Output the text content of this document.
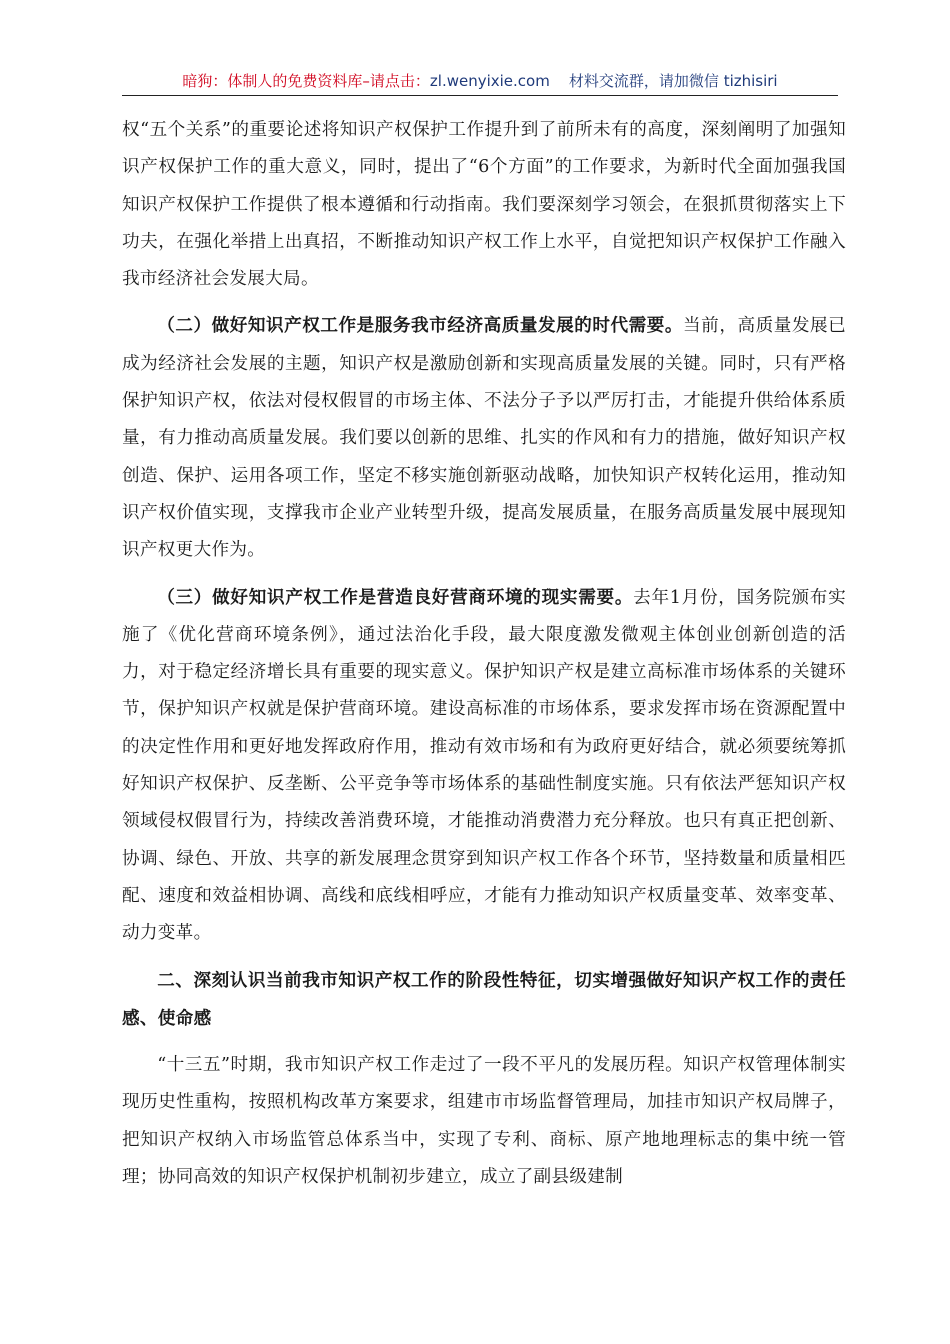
暗狗：体制人的免费资料库–请点击：zl.wenyixie.com 材料交流群，请加微信 tizhisiri

权“五个关系”的重要论述将知识产权保护工作提升到了前所未有的高度，深刻阐明了加强知识产权保护工作的重大意义，同时，提出了“6个方面”的工作要求，为新时代全面加强我国知识产权保护工作提供了根本遵循和行动指南。我们要深刻学习领会，在狠抓贯彻落实上下功夫，在强化举措上出真招，不断推动知识产权工作上水平，自觉把知识产权保护工作融入我市经济社会发展大局。

（二）做好知识产权工作是服务我市经济高质量发展的时代需要。当前，高质量发展已成为经济社会发展的主题，知识产权是激励创新和实现高质量发展的关键。同时，只有严格保护知识产权，依法对侵权假冒的市场主体、不法分子予以严厉打击，才能提升供给体系质量，有力推动高质量发展。我们要以创新的思维、扎实的作风和有力的措施，做好知识产权创造、保护、运用各项工作，坚定不移实施创新驱动战略，加快知识产权转化运用，推动知识产权价值实现，支撑我市企业产业转型升级，提高发展质量，在服务高质量发展中展现知识产权更大作为。

（三）做好知识产权工作是营造良好营商环境的现实需要。去年1月份，国务院颁布实施了《优化营商环境条例》，通过法治化手段，最大限度激发微观主体创业创新创造的活力，对于稳定经济增长具有重要的现实意义。保护知识产权是建立高标准市场体系的关键环节，保护知识产权就是保护营商环境。建设高标准的市场体系，要求发挥市场在资源配置中的决定性作用和更好地发挥政府作用，推动有效市场和有为政府更好结合，就必须要统筹抓好知识产权保护、反垄断、公平竞争等市场体系的基础性制度实施。只有依法严惩知识产权领域侵权假冒行为，持续改善消费环境，才能推动消费潜力充分释放。也只有真正把创新、协调、绿色、开放、共享的新发展理念贯穿到知识产权工作各个环节，坚持数量和质量相匹配、速度和效益相协调、高线和底线相呼应，才能有力推动知识产权质量变革、效率变革、动力变革。

二、深刻认识当前我市知识产权工作的阶段性特征，切实增强做好知识产权工作的责任感、使命感

“十三五”时期，我市知识产权工作走过了一段不平凡的发展历程。知识产权管理体制实现历史性重构，按照机构改革方案要求，组建市市场监督管理局，加挂市知识产权局牌子，把知识产权纳入市场监管总体系当中，实现了专利、商标、原产地地理标志的集中统一管理；协同高效的知识产权保护机制初步建立，成立了副县级建制
